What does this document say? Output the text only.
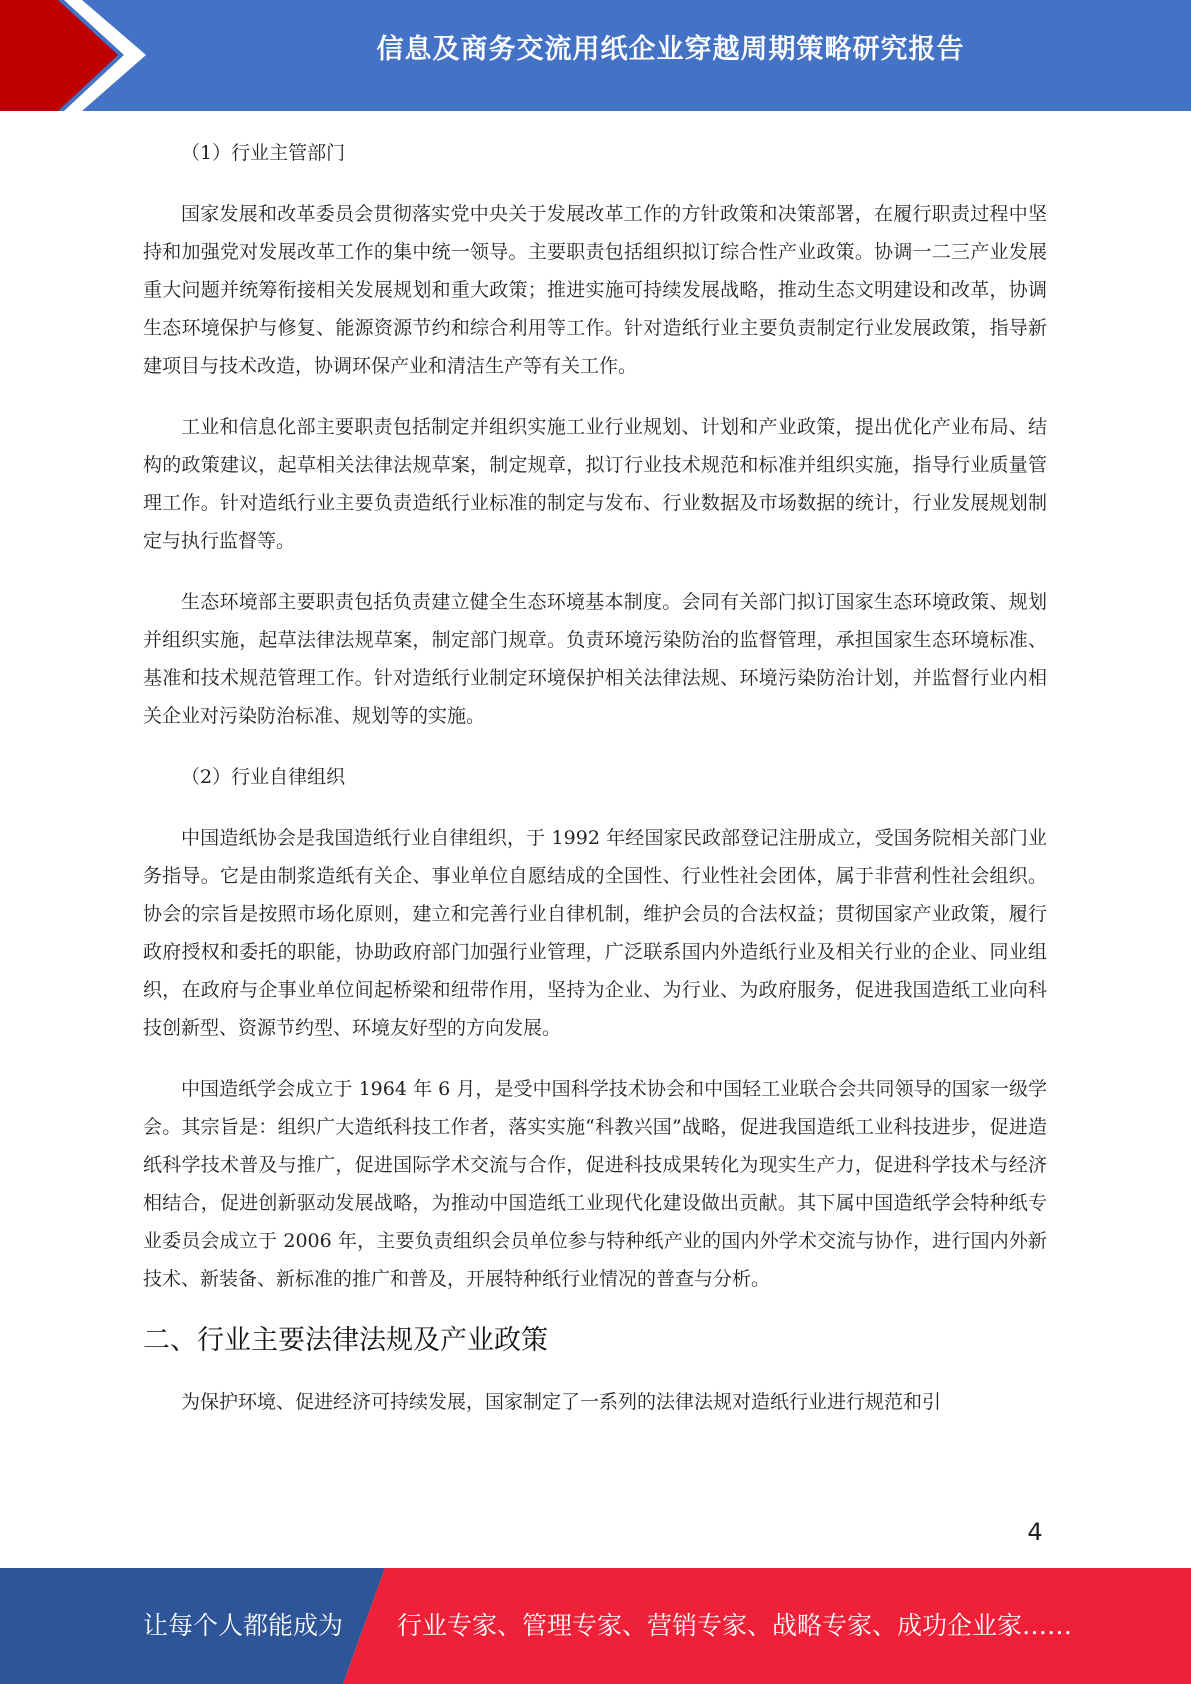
信息及商务交流用纸企业穿越周期策略研究报告

（1）行业主管部门

国家发展和改革委员会贯彻落实党中央关于发展改革工作的方针政策和决策部署，在履行职责过程中坚持和加强党对发展改革工作的集中统一领导。主要职责包括组织拟订综合性产业政策。协调一二三产业发展重大问题并统筹衔接相关发展规划和重大政策；推进实施可持续发展战略，推动生态文明建设和改革，协调生态环境保护与修复、能源资源节约和综合利用等工作。针对造纸行业主要负责制定行业发展政策，指导新建项目与技术改造，协调环保产业和清洁生产等有关工作。

工业和信息化部主要职责包括制定并组织实施工业行业规划、计划和产业政策，提出优化产业布局、结构的政策建议，起草相关法律法规草案，制定规章，拟订行业技术规范和标准并组织实施，指导行业质量管理工作。针对造纸行业主要负责造纸行业标准的制定与发布、行业数据及市场数据的统计，行业发展规划制定与执行监督等。

生态环境部主要职责包括负责建立健全生态环境基本制度。会同有关部门拟订国家生态环境政策、规划并组织实施，起草法律法规草案，制定部门规章。负责环境污染防治的监督管理，承担国家生态环境标准、基准和技术规范管理工作。针对造纸行业制定环境保护相关法律法规、环境污染防治计划，并监督行业内相关企业对污染防治标准、规划等的实施。

（2）行业自律组织

中国造纸协会是我国造纸行业自律组织，于 1992 年经国家民政部登记注册成立，受国务院相关部门业务指导。它是由制浆造纸有关企、事业单位自愿结成的全国性、行业性社会团体，属于非营利性社会组织。协会的宗旨是按照市场化原则，建立和完善行业自律机制，维护会员的合法权益；贯彻国家产业政策，履行政府授权和委托的职能，协助政府部门加强行业管理，广泛联系国内外造纸行业及相关行业的企业、同业组织，在政府与企事业单位间起桥梁和纽带作用，坚持为企业、为行业、为政府服务，促进我国造纸工业向科技创新型、资源节约型、环境友好型的方向发展。

中国造纸学会成立于 1964 年 6 月，是受中国科学技术协会和中国轻工业联合会共同领导的国家一级学会。其宗旨是：组织广大造纸科技工作者，落实实施“科教兴国”战略，促进我国造纸工业科技进步，促进造纸科学技术普及与推广，促进国际学术交流与合作，促进科技成果转化为现实生产力，促进科学技术与经济相结合，促进创新驱动发展战略，为推动中国造纸工业现代化建设做出贡献。其下属中国造纸学会特种纸专业委员会成立于 2006 年，主要负责组织会员单位参与特种纸产业的国内外学术交流与协作，进行国内外新技术、新装备、新标准的推广和普及，开展特种纸行业情况的普查与分析。

二、行业主要法律法规及产业政策

为保护环境、促进经济可持续发展，国家制定了一系列的法律法规对造纸行业进行规范和引

4
让每个人都能成为 行业专家、管理专家、营销专家、战略专家、成功企业家……
